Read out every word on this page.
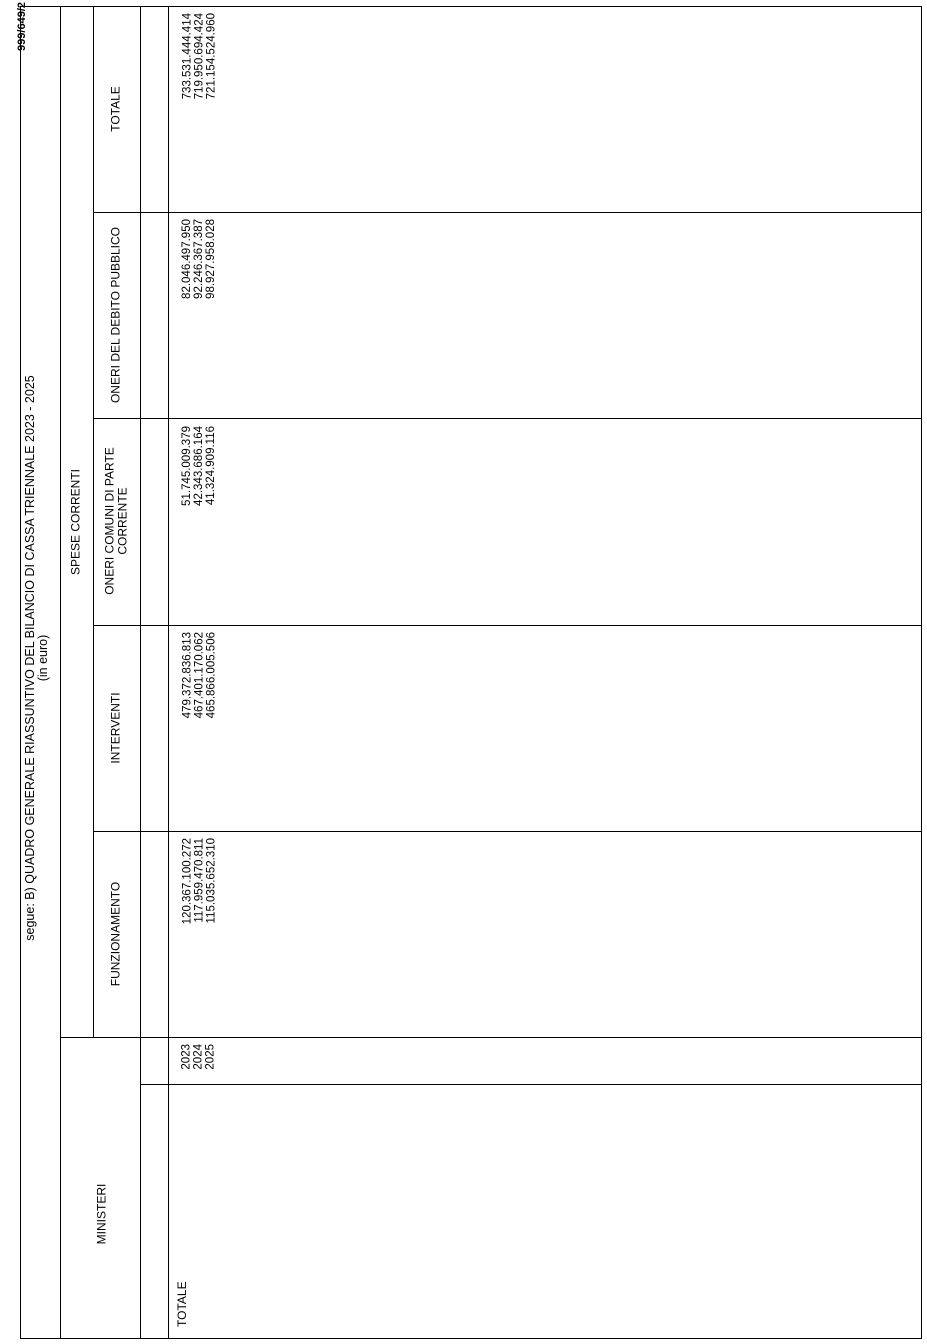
999/649/2
segue: B) QUADRO GENERALE RIASSUNTIVO DEL BILANCIO DI CASSA TRIENNALE 2023 - 2025 (in euro)
SPESE CORRENTI
TOTALE
ONERI DEL DEBITO PUBBLICO
ONERI COMUNI DI PARTE
CORRENTE
INTERVENTI
FUNZIONAMENTO
MINISTERI
TOTALE
2023 2024 2025
120.367.100.272 117.959.470.811 115.035.652.310
479.372.836.813 467.401.170.062 465.866.005.506
51.745.009.379 42.343.686.164 41.324.909.116
82.046.497.950 92.246.367.387 98.927.958.028
733.531.444.414 719.950.694.424 721.154.524.960
